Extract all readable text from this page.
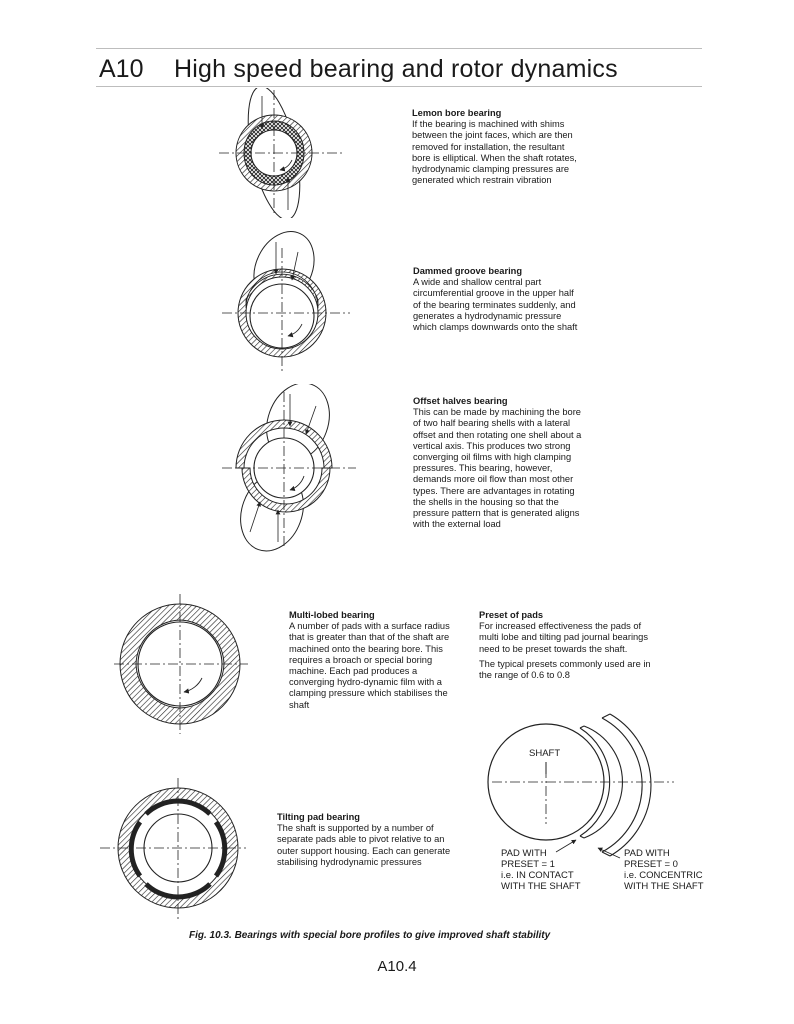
A10 High speed bearing and rotor dynamics
Lemon bore bearing
If the bearing is machined with shims between the joint faces, which are then removed for installation, the resultant bore is elliptical. When the shaft rotates, hydrodynamic clamping pressures are generated which restrain vibration
Dammed groove bearing
A wide and shallow central part circumferential groove in the upper half of the bearing terminates suddenly, and generates a hydrodynamic pressure which clamps downwards onto the shaft
Offset halves bearing
This can be made by machining the bore of two half bearing shells with a lateral offset and then rotating one shell about a vertical axis. This produces two strong converging oil films with high clamping pressures. This bearing, however, demands more oil flow than most other types. There are advantages in rotating the shells in the housing so that the pressure pattern that is generated aligns with the external load
Multi-lobed bearing
A number of pads with a surface radius that is greater than that of the shaft are machined onto the bearing bore. This requires a broach or special boring machine. Each pad produces a converging hydro-dynamic film with a clamping pressure which stabilises the shaft
Preset of pads
For increased effectiveness the pads of multi lobe and tilting pad journal bearings need to be preset towards the shaft.
The typical presets commonly used are in the range of 0.6 to 0.8
Tilting pad bearing
The shaft is supported by a number of separate pads able to pivot relative to an outer support housing. Each can generate stabilising hydrodynamic pressures
SHAFT
PAD WITH
PRESET = 1
i.e. IN CONTACT
WITH THE SHAFT
PAD WITH
PRESET = 0
i.e. CONCENTRIC
WITH THE SHAFT
Fig. 10.3. Bearings with special bore profiles to give improved shaft stability
A10.4
